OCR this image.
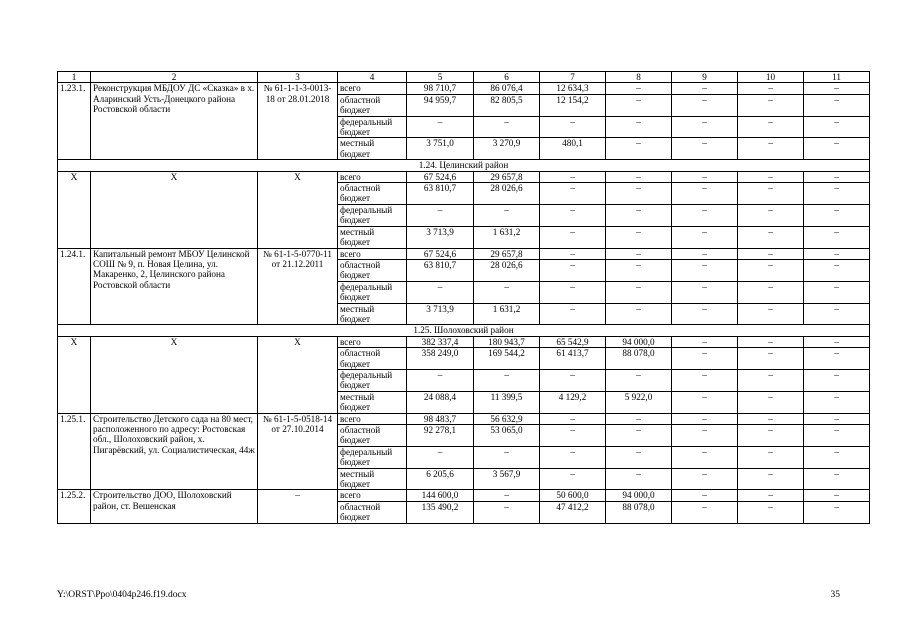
1	2	3	4	5	6	7	8	9	10	11
1.23.1.	Реконструкция МБДОУ ДС «Сказка» в х. Аларинский Усть-Донецкого района Ростовской области	№ 61-1-1-3-0013-18 от 28.01.2018	всего	98 710,7	86 076,4	12 634,3	–	–	–	–
			областной бюджет	94 959,7	82 805,5	12 154,2	–	–	–	–
			федеральный бюджет	–	–	–	–	–	–	–
			местный бюджет	3 751,0	3 270,9	480,1	–	–	–	–
1.24. Целинский район										
Х	Х	Х	всего	67 524,6	29 657,8	–	–	–	–	–
			областной бюджет	63 810,7	28 026,6	–	–	–	–	–
			федеральный бюджет	–	–	–	–	–	–	–
			местный бюджет	3 713,9	1 631,2	–	–	–	–	–
1.24.1.	Капитальный ремонт МБОУ Целинской СОШ № 9, п. Новая Целина, ул. Макаренко, 2, Целинского района Ростовской области	№ 61-1-5-0770-11 от 21.12.2011	всего	67 524,6	29 657,8	–	–	–	–	–
			областной бюджет	63 810,7	28 026,6	–	–	–	–	–
			федеральный бюджет	–	–	–	–	–	–	–
			местный бюджет	3 713,9	1 631,2	–	–	–	–	–
1.25. Шолоховский район										
Х	Х	Х	всего	382 337,4	180 943,7	65 542,9	94 000,0	–	–	–
			областной бюджет	358 249,0	169 544,2	61 413,7	88 078,0	–	–	–
			федеральный бюджет	–	–	–	–	–	–	–
			местный бюджет	24 088,4	11 399,5	4 129,2	5 922,0	–	–	–
1.25.1.	Строительство Детского сада на 80 мест, расположенного по адресу: Ростовская обл., Шолоховский район, х. Пигарёвский, ул. Социалистическая, 44ж	№ 61-1-5-0518-14 от 27.10.2014	всего	98 483,7	56 632,9	–	–	–	–	–
			областной бюджет	92 278,1	53 065,0	–	–	–	–	–
			федеральный бюджет	–	–	–	–	–	–	–
			местный бюджет	6 205,6	3 567,9	–	–	–	–	–
1.25.2.	Строительство ДОО, Шолоховский район, ст. Вешенская	–	всего	144 600,0	–	50 600,0	94 000,0	–	–	–
			областной бюджет	135 490,2	–	47 412,2	88 078,0	–	–	–
Y:\ORST\Ppo\0404p246.f19.docx	35
